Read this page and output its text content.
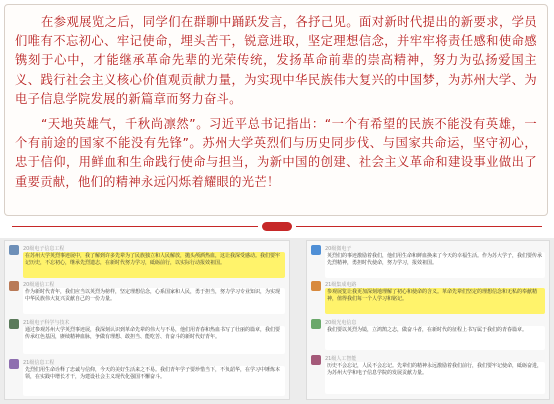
在参观展览之后，同学们在群聊中踊跃发言，各抒己见。面对新时代提出的新要求，学员们唯有不忘初心、牢记使命，埋头苦干，锐意进取，坚定理想信念，并牢牢将责任感和使命感镌刻于心中，才能继承革命先辈的光荣传统，发扬革命前辈的崇高精神，努力为弘扬爱国主义、践行社会主义核心价值观贡献力量，为实现中华民族伟大复兴的中国梦，为苏州大学、为电子信息学院发展的新篇章而努力奋斗。

“天地英雄气，千秋尚凛然”。习近平总书记指出：“一个有希望的民族不能没有英雄，一个有前途的国家不能没有先锋”。苏州大学英烈们与历史同步伐、与国家共命运，坚守初心，忠于信仰，用鲜血和生命践行使命与担当，为新中国的创建、社会主义革命和建设事业做出了重要贡献，他们的精神永远闪烁着耀眼的光芒！

20级电子信息工程
在苏州大学英烈事迹展中，我了解到许多先辈为了民族独立和人民解放，抛头颅洒热血，这让我深受感动。我们要牢记历史，不忘初心，继承先烈遗志，在新时代努力学习，砥砺前行，以实际行动报效祖国。
20级通信工程
作为新时代青年，我们应当以英烈为榜样，坚定理想信念，心系国家和人民，勇于担当，努力学习专业知识，为实现中华民族伟大复兴贡献自己的一份力量。
21级电子科学与技术
通过参观苏州大学英烈事迹展，我深刻认识到革命先辈的伟大与不易，他们用青春和热血书写了壮丽的篇章，我们要传承红色基因，赓续精神血脉，争做有理想、敢担当、能吃苦、肯奋斗的新时代好青年。
21级信息工程
先烈们用生命诠释了忠诚与信仰，今天的美好生活来之不易。我们青年学子要珍惜当下，不负韶华，在学习中锤炼本领，在实践中增长才干，为建设社会主义现代化强国不懈奋斗。
20级微电子
英烈们的事迹激励着我们，他们用生命和鲜血换来了今天的幸福生活。作为苏大学子，我们要传承先烈精神，勇担时代使命，努力学习，报效祖国。
21级集成电路
参观展览让我更加深刻地理解了初心和使命的含义。革命先辈们坚定的理想信念和无私的奉献精神，值得我们每一个人学习和铭记。
20级光电信息
我们要以英烈为镜，立鸿鹄之志，做奋斗者，在新时代的征程上书写属于我们的青春篇章。
21级人工智能
历史不会忘记，人民不会忘记。先辈们的精神永远激励着我们前行，我们要牢记使命，砥砺奋进，为苏州大学和电子信息学院的发展贡献力量。
